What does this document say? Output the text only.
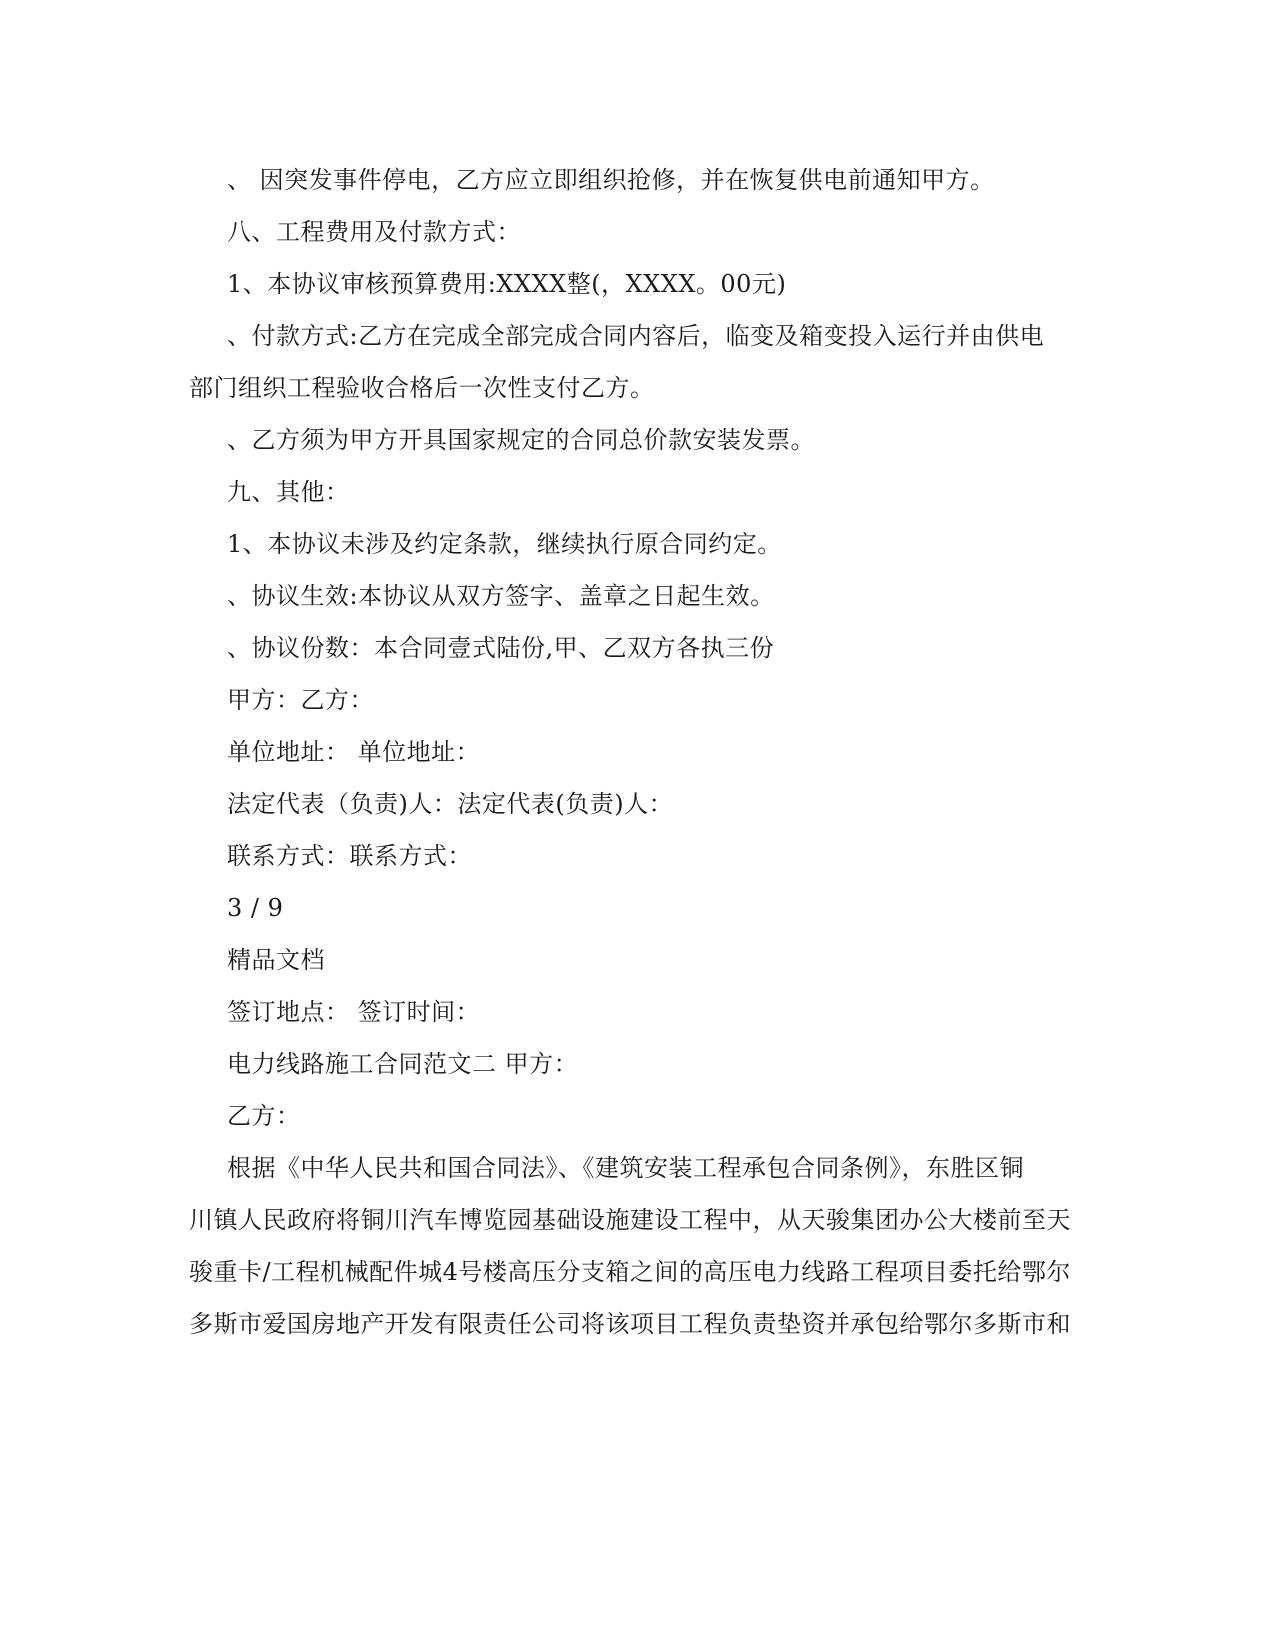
、 因突发事件停电，乙方应立即组织抢修，并在恢复供电前通知甲方。
八、工程费用及付款方式：
1、本协议审核预算费用:XXXX整(，XXXX。00元)
、付款方式:乙方在完成全部完成合同内容后，临变及箱变投入运行并由供电
部门组织工程验收合格后一次性支付乙方。
、乙方须为甲方开具国家规定的合同总价款安装发票。
九、其他：
1、本协议未涉及约定条款，继续执行原合同约定。
、协议生效:本协议从双方签字、盖章之日起生效。
、协议份数：本合同壹式陆份,甲、乙双方各执三份
甲方：乙方：
单位地址： 单位地址：
法定代表（负责)人：法定代表(负责)人：
联系方式：联系方式：
3 / 9
精品文档
签订地点： 签订时间：
电力线路施工合同范文二 甲方：
乙方：
根据《中华人民共和国合同法》、《建筑安装工程承包合同条例》，东胜区铜
川镇人民政府将铜川汽车博览园基础设施建设工程中，从天骏集团办公大楼前至天
骏重卡/工程机械配件城4号楼高压分支箱之间的高压电力线路工程项目委托给鄂尔
多斯市爱国房地产开发有限责任公司将该项目工程负责垫资并承包给鄂尔多斯市和
